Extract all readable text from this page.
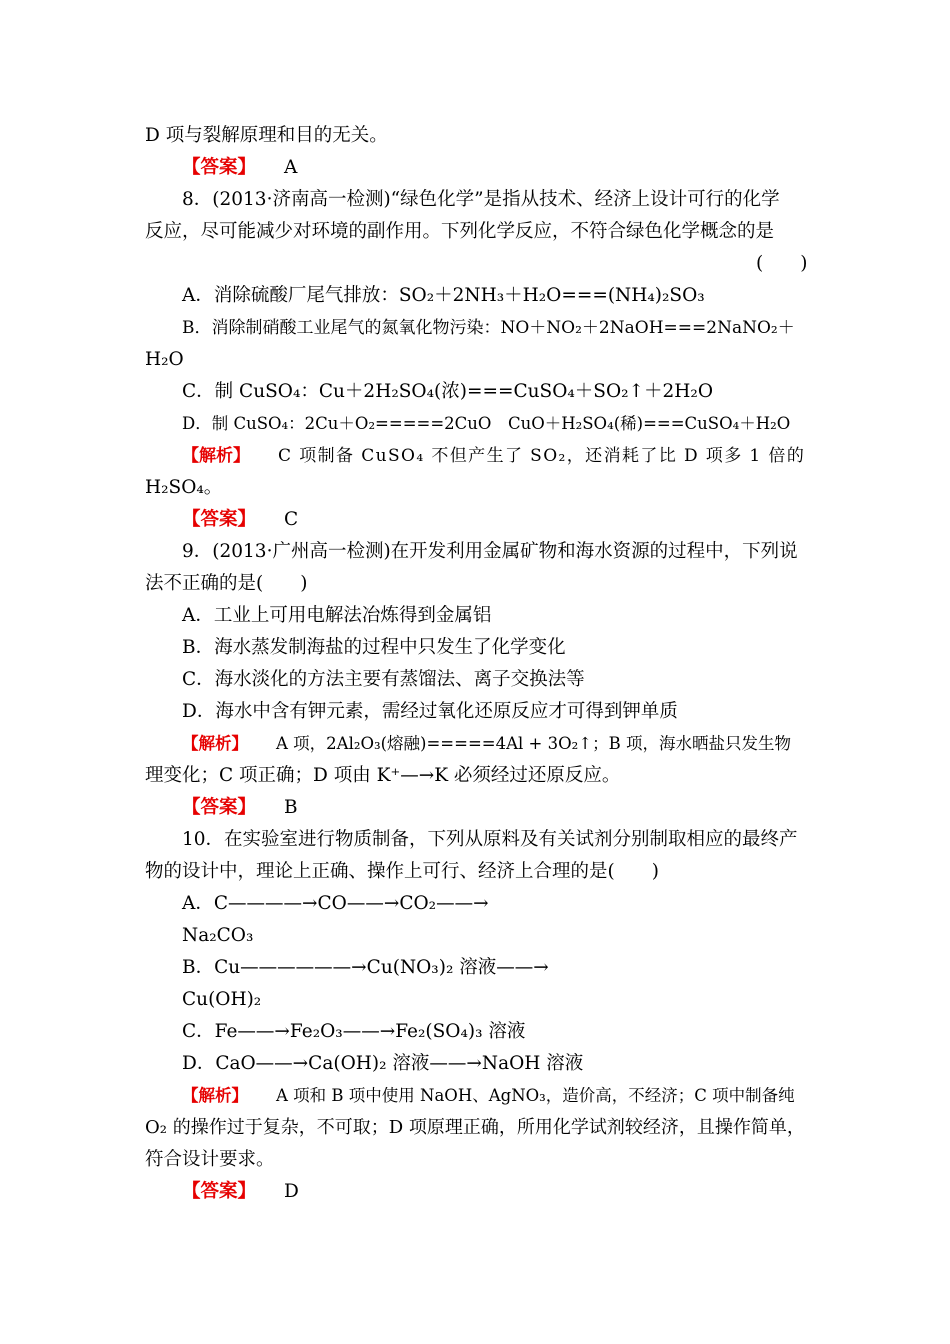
D 项与裂解原理和目的无关。
【答案】 A
8．(2013·济南高一检测)“绿色化学”是指从技术、经济上设计可行的化学
反应，尽可能减少对环境的副作用。下列化学反应，不符合绿色化学概念的是
(　　)
A．消除硫酸厂尾气排放：SO₂＋2NH₃＋H₂O===(NH₄)₂SO₃
B．消除制硝酸工业尾气的氮氧化物污染：NO＋NO₂＋2NaOH===2NaNO₂＋
H₂O
C．制 CuSO₄：Cu＋2H₂SO₄(浓)===CuSO₄＋SO₂↑＋2H₂O
D．制 CuSO₄：2Cu＋O₂=====2CuO　CuO＋H₂SO₄(稀)===CuSO₄＋H₂O
【解析】 C 项制备 CuSO₄ 不但产生了 SO₂，还消耗了比 D 项多 1 倍的
H₂SO₄。
【答案】 C
9．(2013·广州高一检测)在开发利用金属矿物和海水资源的过程中，下列说
法不正确的是(　　)
A．工业上可用电解法冶炼得到金属铝
B．海水蒸发制海盐的过程中只发生了化学变化
C．海水淡化的方法主要有蒸馏法、离子交换法等
D．海水中含有钾元素，需经过氧化还原反应才可得到钾单质
【解析】 A 项，2Al₂O₃(熔融)=====4Al + 3O₂↑；B 项，海水晒盐只发生物
理变化；C 项正确；D 项由 K⁺—→K 必须经过还原反应。
【答案】 B
10．在实验室进行物质制备，下列从原料及有关试剂分别制取相应的最终产
物的设计中，理论上正确、操作上可行、经济上合理的是(　　)
A．C————→CO——→CO₂——→
Na₂CO₃
B．Cu——————→Cu(NO₃)₂ 溶液——→
Cu(OH)₂
C．Fe——→Fe₂O₃——→Fe₂(SO₄)₃ 溶液
D．CaO——→Ca(OH)₂ 溶液——→NaOH 溶液
【解析】 A 项和 B 项中使用 NaOH、AgNO₃，造价高，不经济；C 项中制备纯
O₂ 的操作过于复杂，不可取；D 项原理正确，所用化学试剂较经济，且操作简单，
符合设计要求。
【答案】 D
